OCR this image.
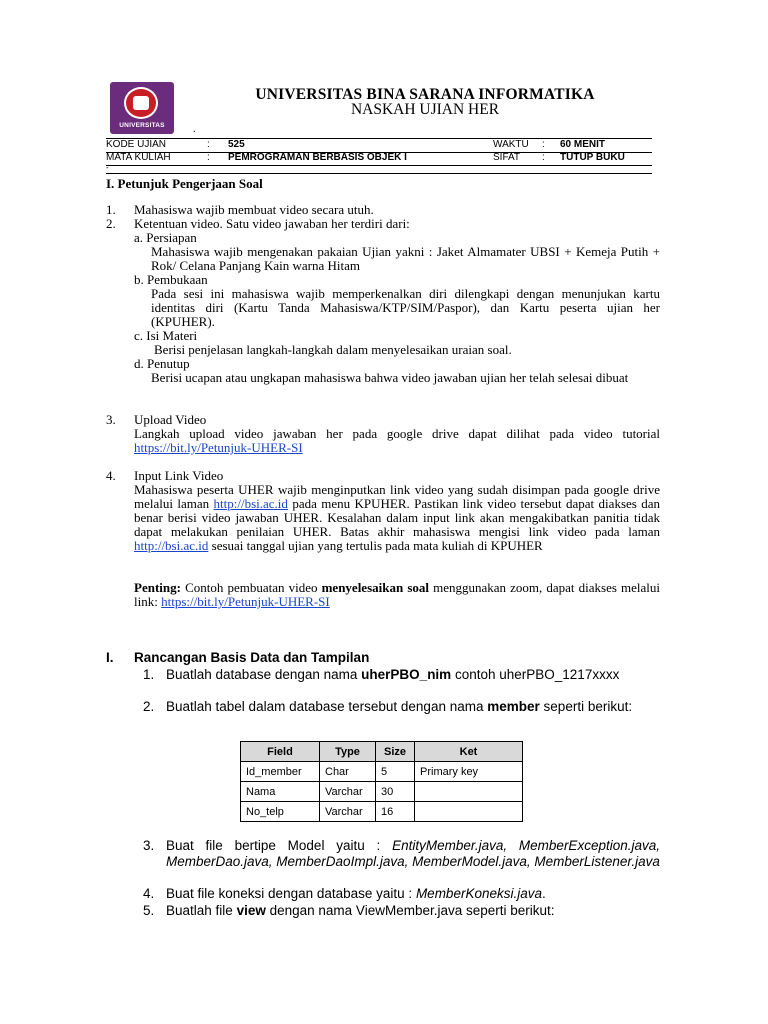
UNIVERSITAS
UNIVERSITAS BINA SARANA INFORMATIKA
NASKAH UJIAN HER
.
KODE UJIAN	: 525	WAKTU : 60 MENIT
MATA KULIAH	: PEMROGRAMAN BERBASIS OBJEK I	SIFAT : TUTUP BUKU
-
I. Petunjuk Pengerjaan Soal
1. Mahasiswa wajib membuat video secara utuh.
2. Ketentuan video. Satu video jawaban her terdiri dari:
a. Persiapan
Mahasiswa wajib mengenakan pakaian Ujian yakni : Jaket Almamater UBSI + Kemeja Putih + Rok/ Celana Panjang Kain warna Hitam
b. Pembukaan
Pada sesi ini mahasiswa wajib memperkenalkan diri dilengkapi dengan menunjukan kartu identitas diri (Kartu Tanda Mahasiswa/KTP/SIM/Paspor), dan Kartu peserta ujian her (KPUHER).
c. Isi Materi
Berisi penjelasan langkah-langkah dalam menyelesaikan uraian soal.
d. Penutup
Berisi ucapan atau ungkapan mahasiswa bahwa video jawaban ujian her telah selesai dibuat
3. Upload Video
Langkah upload video jawaban her pada google drive dapat dilihat pada video tutorial https://bit.ly/Petunjuk-UHER-SI
4. Input Link Video
Mahasiswa peserta UHER wajib menginputkan link video yang sudah disimpan pada google drive melalui laman http://bsi.ac.id pada menu KPUHER. Pastikan link video tersebut dapat diakses dan benar berisi video jawaban UHER. Kesalahan dalam input link akan mengakibatkan panitia tidak dapat melakukan penilaian UHER. Batas akhir mahasiswa mengisi link video pada laman http://bsi.ac.id sesuai tanggal ujian yang tertulis pada mata kuliah di KPUHER
Penting: Contoh pembuatan video menyelesaikan soal menggunakan zoom, dapat diakses melalui link: https://bit.ly/Petunjuk-UHER-SI
I. Rancangan Basis Data dan Tampilan
1. Buatlah database dengan nama uherPBO_nim contoh uherPBO_1217xxxx
2. Buatlah tabel dalam database tersebut dengan nama member seperti berikut:
Field	Type	Size	Ket
Id_member	Char	5	Primary key
Nama	Varchar	30	
No_telp	Varchar	16	
3. Buat file bertipe Model yaitu : EntityMember.java, MemberException.java, MemberDao.java, MemberDaoImpl.java, MemberModel.java, MemberListener.java
4. Buat file koneksi dengan database yaitu : MemberKoneksi.java.
5. Buatlah file view dengan nama ViewMember.java seperti berikut:
